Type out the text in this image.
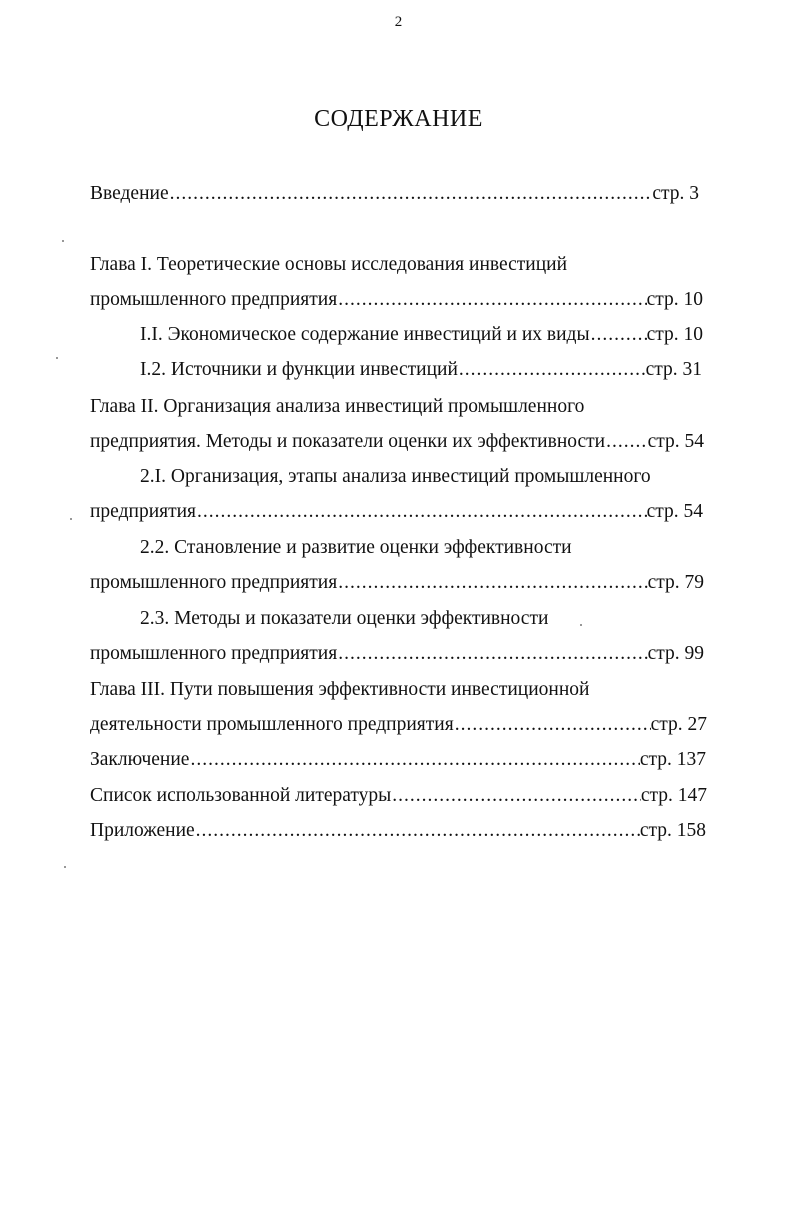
2
СОДЕРЖАНИЕ
Введение .....	стр. 3
Глава I. Теоретические основы исследования инвестиций
промышленного предприятия .....	стр. 10
I.I. Экономическое содержание инвестиций и их виды .....	стр. 10
I.2. Источники и функции инвестиций .....	стр. 31
Глава II. Организация анализа инвестиций промышленного
предприятия. Методы и показатели оценки их эффективности ..... стр. 54
2.I. Организация, этапы анализа инвестиций промышленного
предприятия .....	стр. 54
2.2. Становление и развитие оценки эффективности
промышленного предприятия .....	стр. 79
2.3. Методы и показатели оценки эффективности
промышленного предприятия .....	стр. 99
Глава III. Пути повышения эффективности инвестиционной
деятельности промышленного предприятия .....	стр. 27
Заключение .....	стр. 137
Список использованной литературы .....	стр. 147
Приложение .....	стр. 158
